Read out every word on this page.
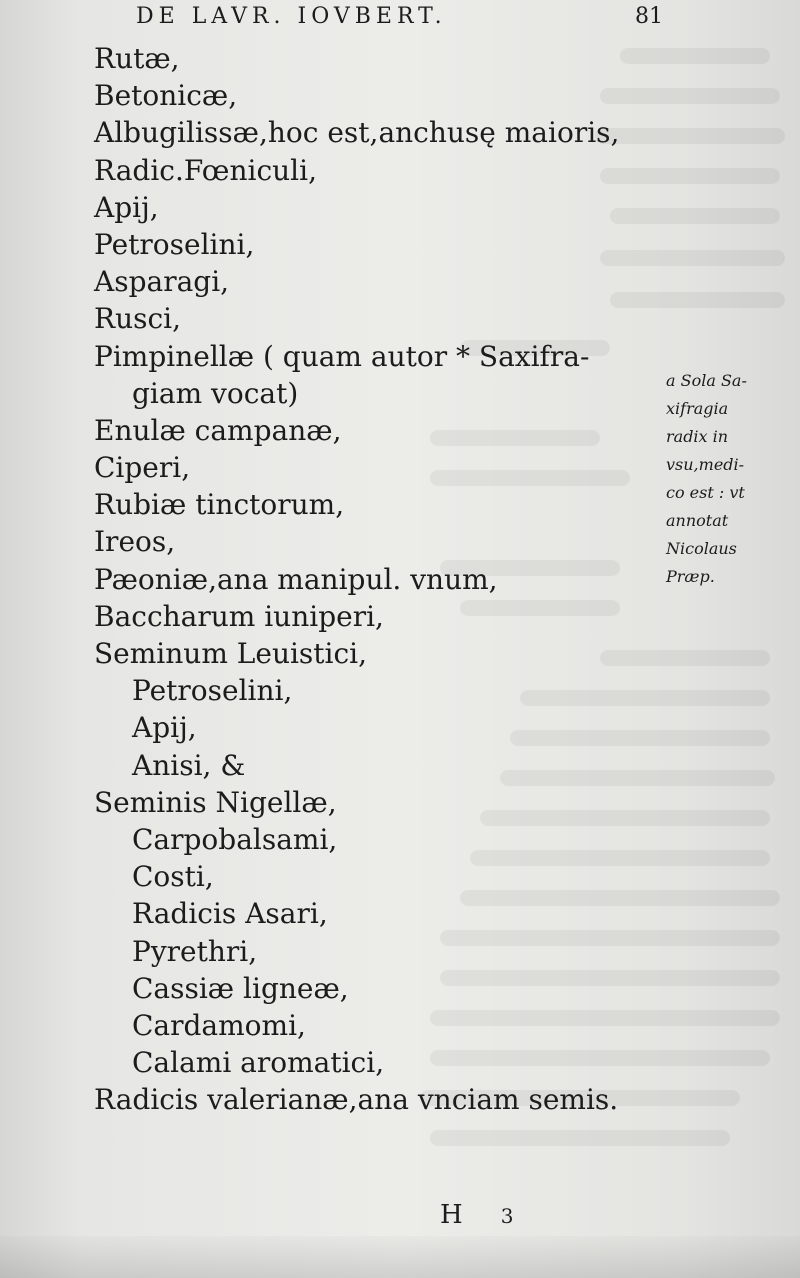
DE LAVR. IOVBERT.	81
Rutæ,
Betonicæ,
Albugilissæ,hoc est,anchusę maioris,
Radic.Fœniculi,
Apij,
Petroselini,
Asparagi,
Rusci,
Pimpinellæ ( quam autor * Saxifra-
giam vocat)
Enulæ campanæ,
Ciperi,
Rubiæ tinctorum,
Ireos,
Pæoniæ,ana manipul. vnum,
Baccharum iuniperi,
Seminum Leuistici,
Petroselini,
Apij,
Anisi, &
Seminis Nigellæ,
Carpobalsami,
Costi,
Radicis Asari,
Pyrethri,
Cassiæ ligneæ,
Cardamomi,
Calami aromatici,
Radicis valerianæ,ana vnciam semis.
a Sola Sa-
xifragia
radix in
vsu,medi-
co est : vt
annotat
Nicolaus
Præp.
H 3
